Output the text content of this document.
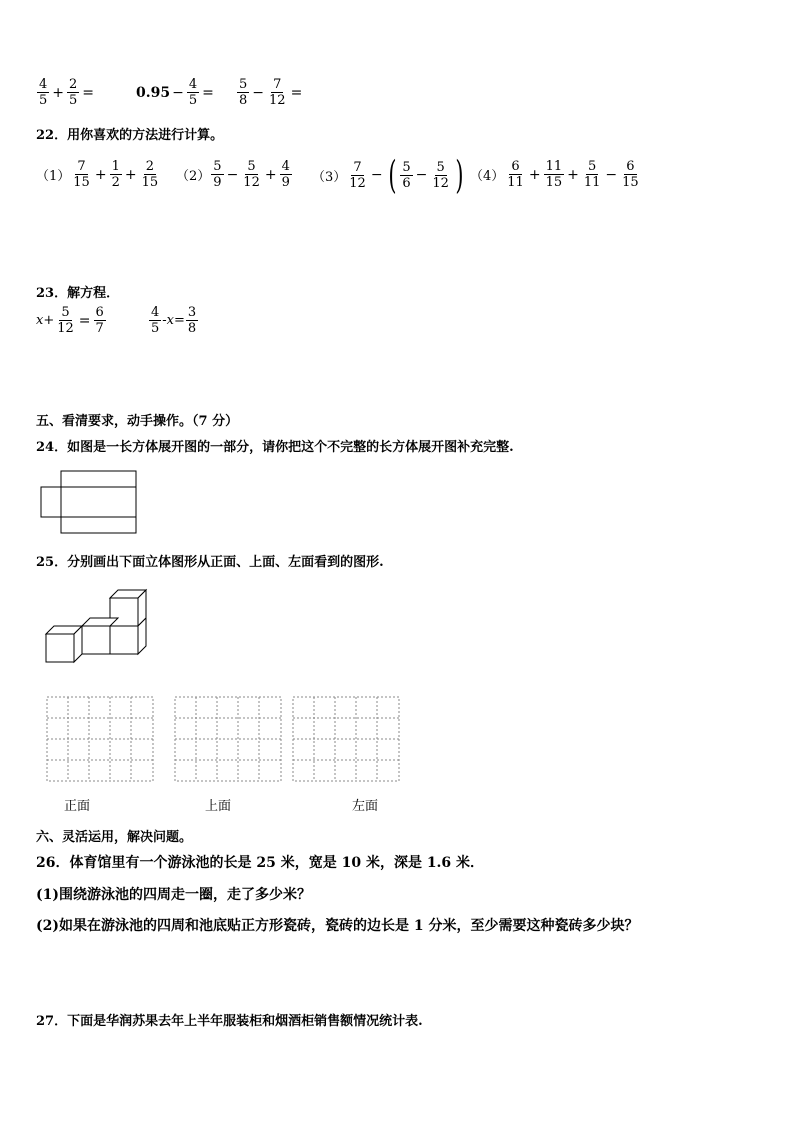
$\frac{4}{5} + \frac{2}{5}$ =	$0.95 - \frac{4}{5} = \frac{5}{8} - \frac{7}{12}$ =
22．用你喜欢的方法进行计算。
$(1) \frac{7}{15} + \frac{1}{2} + \frac{2}{15} (2) \frac{5}{9} - \frac{5}{12} + \frac{4}{9} (3) \frac{7}{12}$ − ( $\frac{5}{6} - \frac{5}{12}$ ) $(4) \frac{6}{11} + \frac{11}{15} + \frac{5}{11} - \frac{6}{15}$
23．解方程．
$x+ \frac{5}{12} = \frac{6}{7}$	$\frac{4}{5} -x= \frac{3}{8}$
五、看清要求，动手操作。（7 分）
24．如图是一长方体展开图的一部分，请你把这个不完整的长方体展开图补充完整.
25．分别画出下面立体图形从正面、上面、左面看到的图形.
正面	上面	左面
六、灵活运用，解决问题。
26．体育馆里有一个游泳池的长是 25 米，宽是 10 米，深是 1.6 米．
(1)围绕游泳池的四周走一圈，走了多少米？
(2)如果在游泳池的四周和池底贴正方形瓷砖，瓷砖的边长是 1 分米，至少需要这种瓷砖多少块？
27．下面是华润苏果去年上半年服装柜和烟酒柜销售额情况统计表.
